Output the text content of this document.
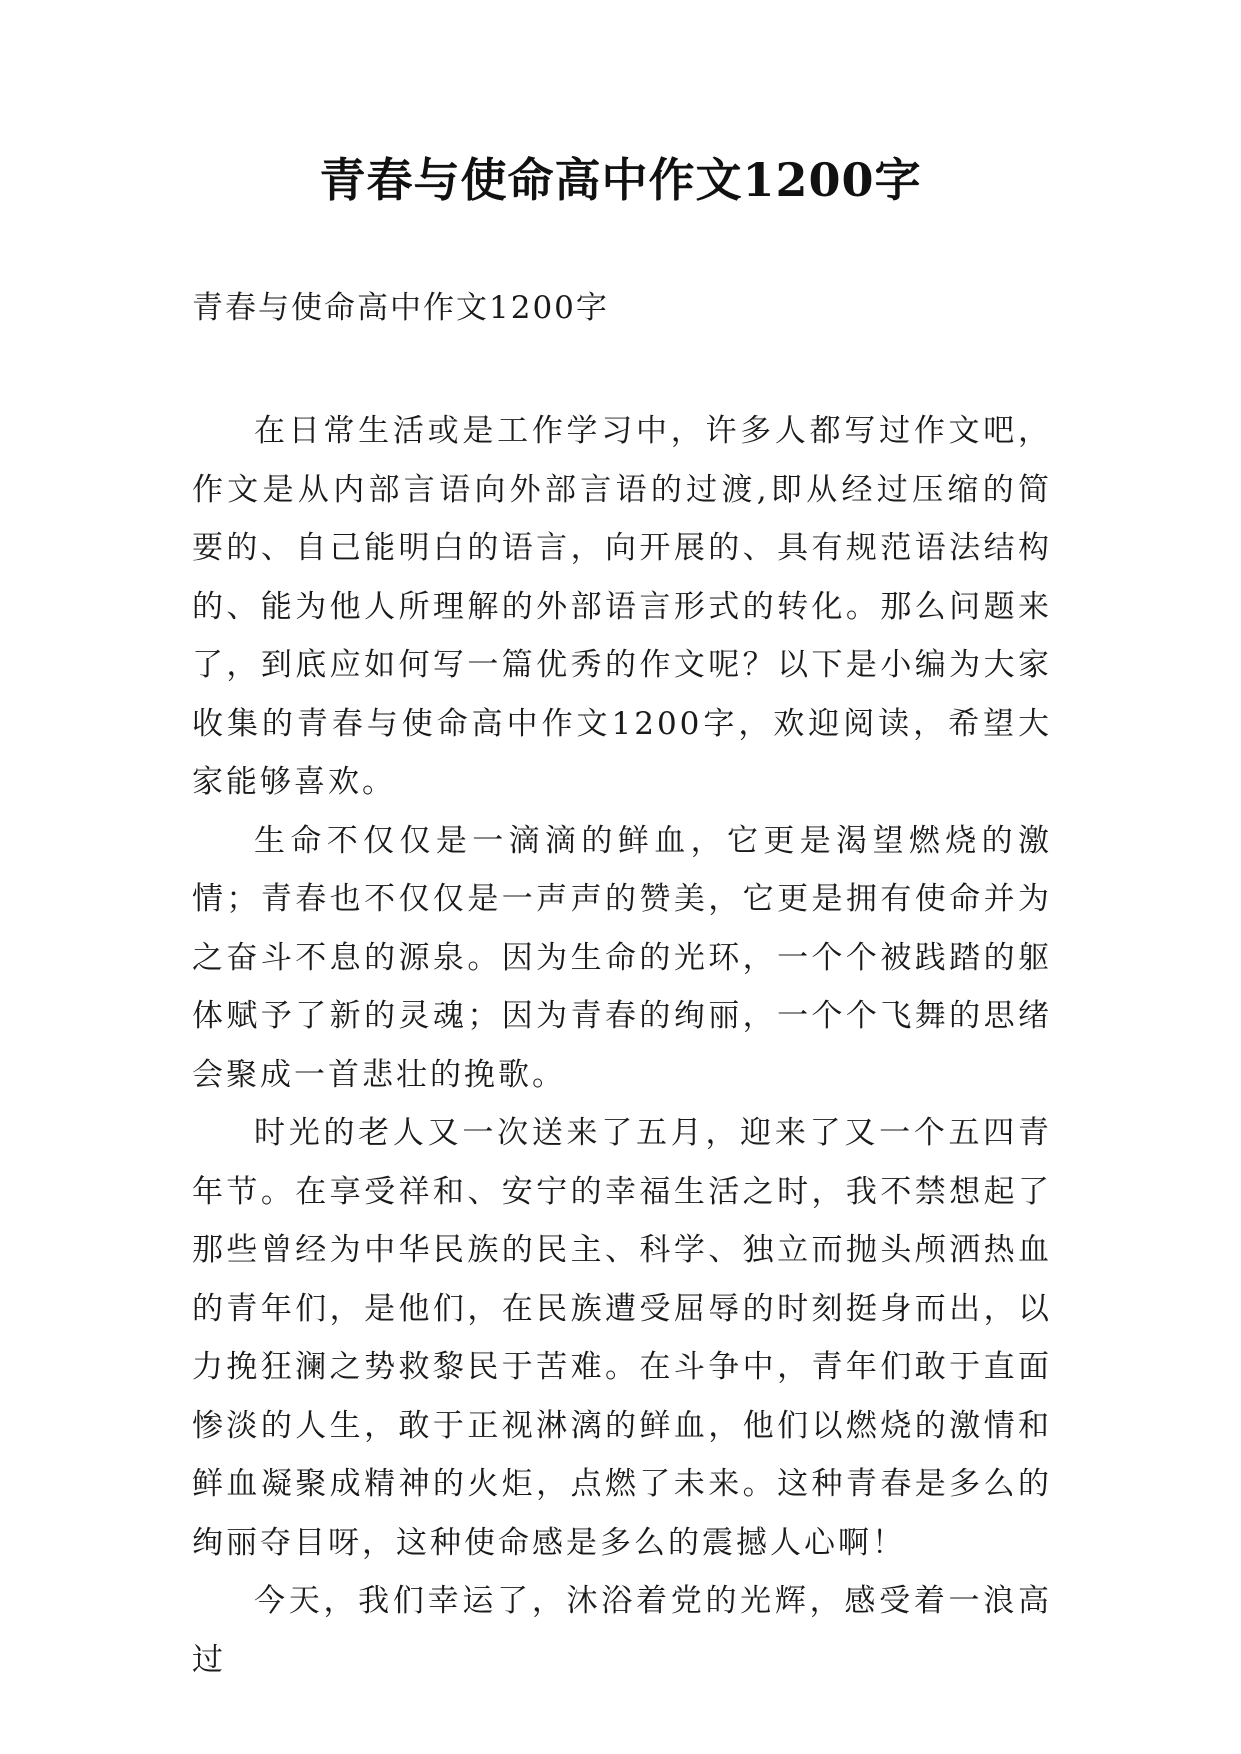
青春与使命高中作文1200字

青春与使命高中作文1200字

在日常生活或是工作学习中，许多人都写过作文吧，作文是从内部言语向外部言语的过渡,即从经过压缩的简要的、自己能明白的语言，向开展的、具有规范语法结构的、能为他人所理解的外部语言形式的转化。那么问题来了，到底应如何写一篇优秀的作文呢？以下是小编为大家收集的青春与使命高中作文1200字，欢迎阅读，希望大家能够喜欢。

生命不仅仅是一滴滴的鲜血，它更是渴望燃烧的激情；青春也不仅仅是一声声的赞美，它更是拥有使命并为之奋斗不息的源泉。因为生命的光环，一个个被践踏的躯体赋予了新的灵魂；因为青春的绚丽，一个个飞舞的思绪会聚成一首悲壮的挽歌。

时光的老人又一次送来了五月，迎来了又一个五四青年节。在享受祥和、安宁的幸福生活之时，我不禁想起了那些曾经为中华民族的民主、科学、独立而抛头颅洒热血的青年们，是他们，在民族遭受屈辱的时刻挺身而出，以力挽狂澜之势救黎民于苦难。在斗争中，青年们敢于直面惨淡的人生，敢于正视淋漓的鲜血，他们以燃烧的激情和鲜血凝聚成精神的火炬，点燃了未来。这种青春是多么的绚丽夺目呀，这种使命感是多么的震撼人心啊！

今天，我们幸运了，沐浴着党的光辉，感受着一浪高过
